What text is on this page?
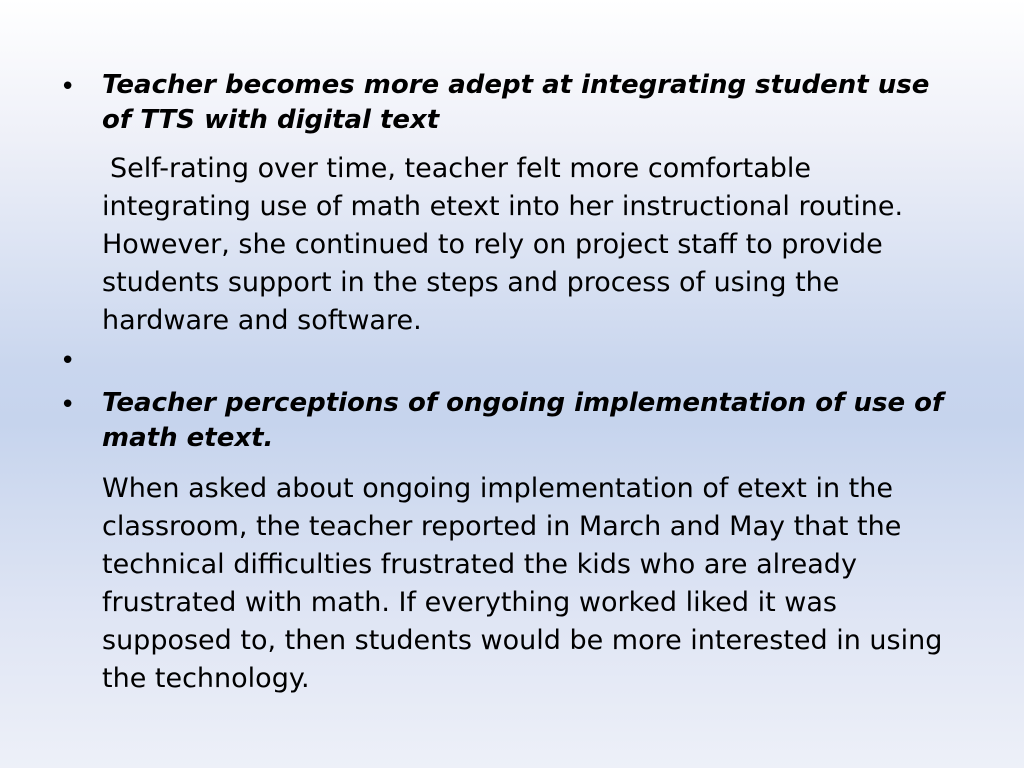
• Teacher becomes more adept at integrating student use of TTS with digital text

Self-rating over time, teacher felt more comfortable integrating use of math etext into her instructional routine. However, she continued to rely on project staff to provide students support in the steps and process of using the hardware and software.

•
• Teacher perceptions of ongoing implementation of use of math etext.

When asked about ongoing implementation of etext in the classroom, the teacher reported in March and May that the technical difficulties frustrated the kids who are already frustrated with math. If everything worked liked it was supposed to, then students would be more interested in using the technology.
